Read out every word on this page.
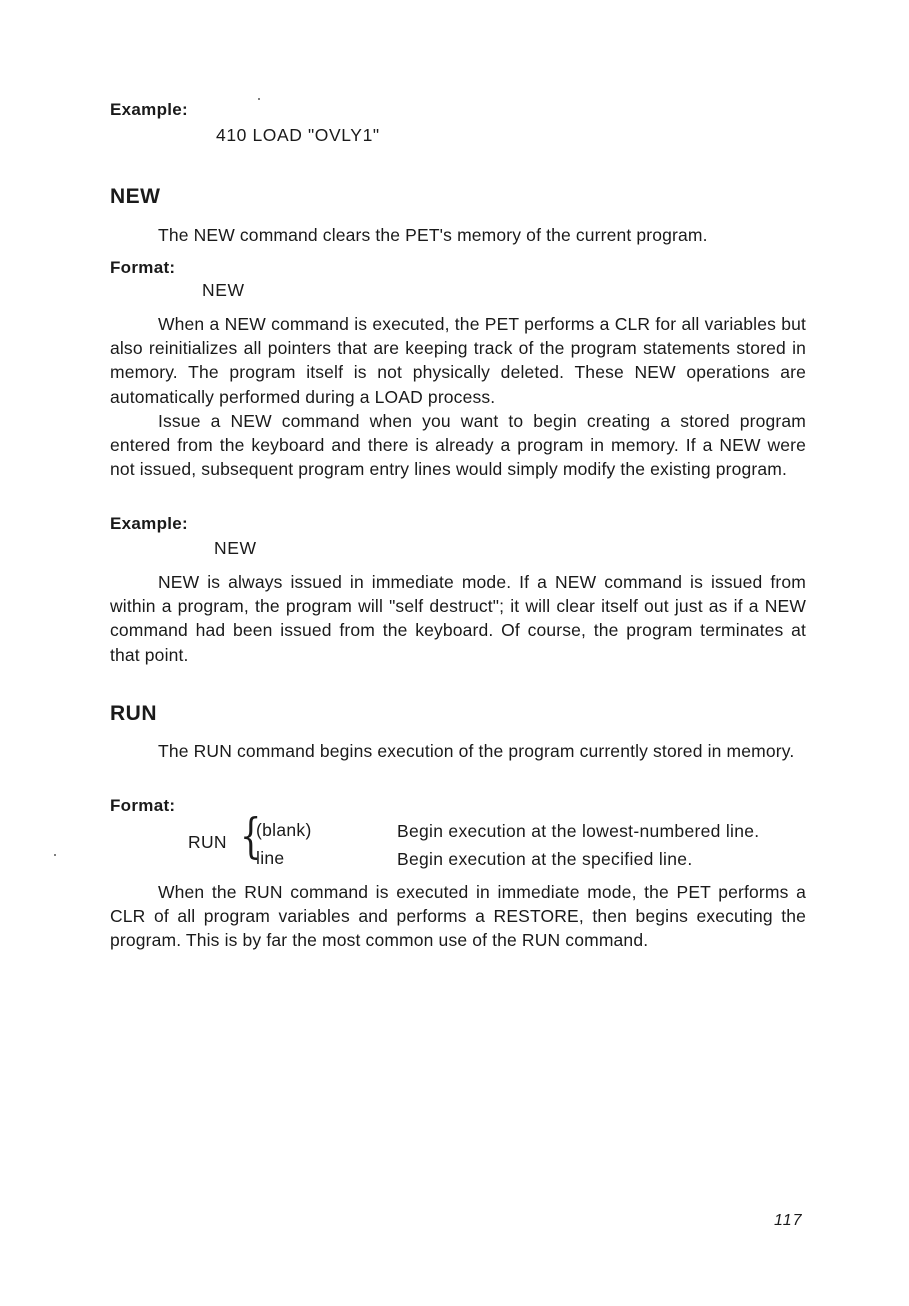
Example:
410 LOAD "OVLY1"
NEW

The NEW command clears the PET's memory of the current program.

Format:
NEW

When a NEW command is executed, the PET performs a CLR for all variables but also reinitializes all pointers that are keeping track of the program statements stored in memory. The program itself is not physically deleted. These NEW operations are automatically performed during a LOAD process.

Issue a NEW command when you want to begin creating a stored program entered from the keyboard and there is already a program in memory. If a NEW were not issued, subsequent program entry lines would simply modify the existing program.

Example:
NEW

NEW is always issued in immediate mode. If a NEW command is issued from within a program, the program will "self destruct"; it will clear itself out just as if a NEW command had been issued from the keyboard. Of course, the program terminates at that point.

RUN

The RUN command begins execution of the program currently stored in memory.

Format:
RUN {
(blank)	Begin execution at the lowest-numbered line.
line	Begin execution at the specified line.

When the RUN command is executed in immediate mode, the PET performs a CLR of all program variables and performs a RESTORE, then begins executing the program. This is by far the most common use of the RUN command.

117
